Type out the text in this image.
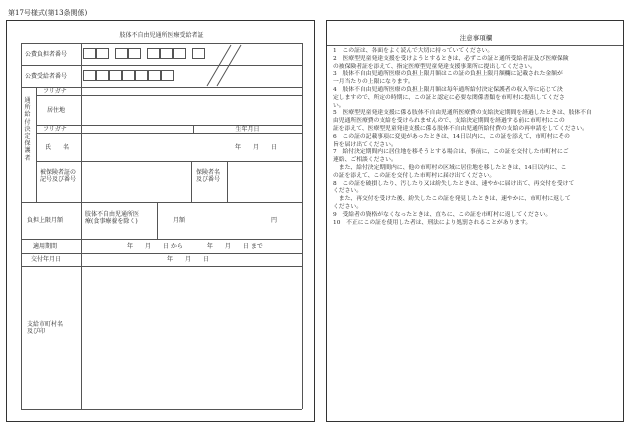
第17号様式(第13条関係)
肢体不自由児通所医療受給者証
公費負担者番号
公費受給者番号
通所給付決定保護者
フリガナ
居住地
フリガナ	生年月日
氏　　名	年　　月　　日
被保険者証の
記号及び番号
保険者名
及び番号
負担上限月額
肢体不自由児通所医
療(食事療養を除く)	月額	円
適用期間	年　　月　　日 から　　　　年　　月　　日 まで
交付年月日	年　　月　　日
支給市町村名
及び印
注意事項欄
1　この証は、各面をよく読んで大切に持っていてください。
2　医療型児童発達支援を受けようとするときは、必ずこの証と通所受給者証及び医療保険
の被保険者証を添えて、指定医療型児童発達支援事業所に提出してください。
3　肢体不自由児通所医療の負担上限月額はこの証の負担上限月額欄に記載された金額が
一月当たりの上限になります。
4　肢体不自由児通所医療の負担上限月額は毎年通所給付決定保護者の収入等に応じて決
定しますので、所定の時期に、この証と認定に必要な関係書類を市町村に提出してくださ
い。
5　医療型児童発達支援に係る肢体不自由児通所医療費の支給決定期間を経過したときは、肢体不自
由児通所医療費の支給を受けられませんので、支給決定期間を経過する前に市町村にこの
証を添えて、医療型児童発達支援に係る肢体不自由児通所給付費の支給の再申請をしてください。
6　この証の記載事項に変更があったときは、14日以内に、この証を添えて、市町村にその
旨を届け出てください。
7　給付決定期間内に居住地を移そうとする場合は、事前に、この証を交付した市町村にご
連絡、ご相談ください。
　また、給付決定期間内に、他の市町村の区域に居住地を移したときは、14日以内に、こ
の証を添えて、この証を交付した市町村に届け出てください。
8　この証を破損したり、汚したり又は紛失したときは、速やかに届け出て、再交付を受けて
ください。
　また、再交付を受けた後、紛失したこの証を発見したときは、速やかに、市町村に返して
ください。
9　受給者の資格がなくなったときは、直ちに、この証を市町村に返してください。
10　不正にこの証を使用した者は、刑法により処罰されることがあります。
